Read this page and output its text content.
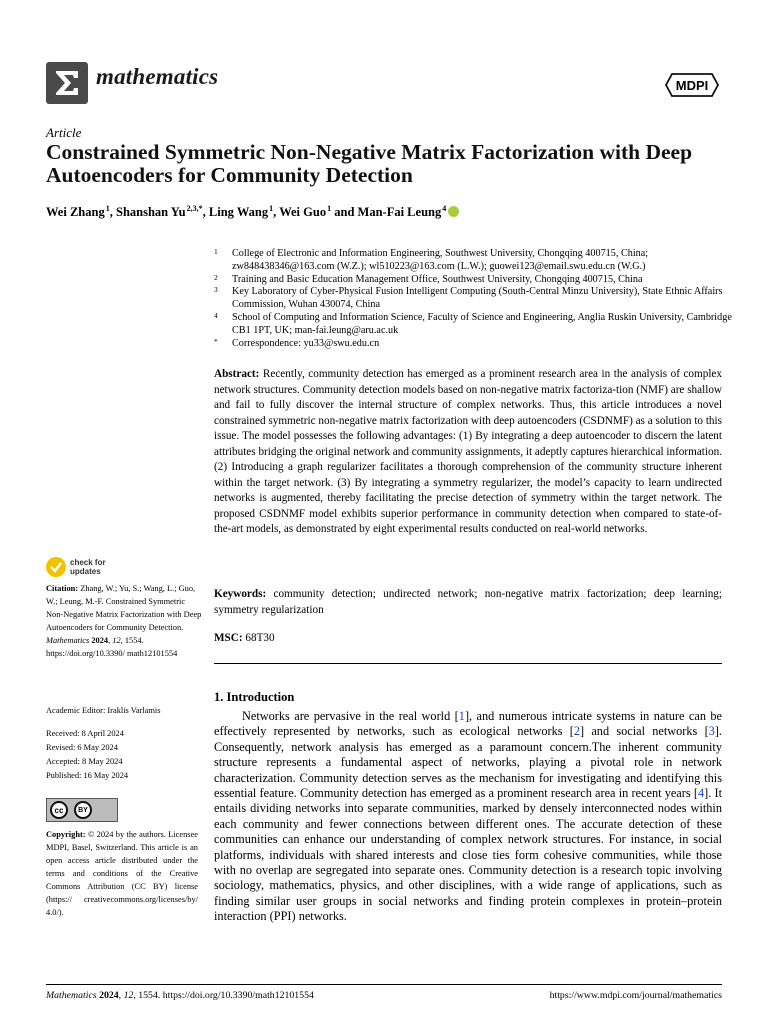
mathematics	MDPI
Article
Constrained Symmetric Non-Negative Matrix Factorization with Deep Autoencoders for Community Detection
Wei Zhang $^1$, Shanshan Yu $^{2,3,*}$, Ling Wang $^1$, Wei Guo $^1$ and Man-Fai Leung $^4$
1 College of Electronic and Information Engineering, Southwest University, Chongqing 400715, China; zw848438346@163.com (W.Z.); wl510223@163.com (L.W.); guowei123@email.swu.edu.cn (W.G.)
2 Training and Basic Education Management Office, Southwest University, Chongqing 400715, China
3 Key Laboratory of Cyber-Physical Fusion Intelligent Computing (South-Central Minzu University), State Ethnic Affairs Commission, Wuhan 430074, China
4 School of Computing and Information Science, Faculty of Science and Engineering, Anglia Ruskin University, Cambridge CB1 1PT, UK; man-fai.leung@aru.ac.uk
* Correspondence: yu33@swu.edu.cn
Abstract: Recently, community detection has emerged as a prominent research area in the analysis of complex network structures. Community detection models based on non-negative matrix factoriza-tion (NMF) are shallow and fail to fully discover the internal structure of complex networks. Thus, this article introduces a novel constrained symmetric non-negative matrix factorization with deep autoencoders (CSDNMF) as a solution to this issue. The model possesses the following advantages: (1) By integrating a deep autoencoder to discern the latent attributes bridging the original network and community assignments, it adeptly captures hierarchical information. (2) Introducing a graph regularizer facilitates a thorough comprehension of the community structure inherent within the target network. (3) By integrating a symmetry regularizer, the model’s capacity to learn undirected networks is augmented, thereby facilitating the precise detection of symmetry within the target network. The proposed CSDNMF model exhibits superior performance in community detection when compared to state-of-the-art models, as demonstrated by eight experimental results conducted on real-world networks.
Keywords: community detection; undirected network; non-negative matrix factorization; deep learning; symmetry regularization
MSC: 68T30
1. Introduction
Networks are pervasive in the real world [1], and numerous intricate systems in nature can be effectively represented by networks, such as ecological networks [2] and social networks [3]. Consequently, network analysis has emerged as a paramount concern.The inherent community structure represents a fundamental aspect of networks, playing a pivotal role in network characterization. Community detection serves as the mechanism for investigating and identifying this essential feature. Community detection has emerged as a prominent research area in recent years [4]. It entails dividing networks into separate communities, marked by densely interconnected nodes within each community and fewer connections between different ones. The accurate detection of these communities can enhance our understanding of complex network structures. For instance, in social platforms, individuals with shared interests and close ties form cohesive communities, while those with no overlap are segregated into separate ones. Community detection is a research topic involving sociology, mathematics, physics, and other disciplines, with a wide range of applications, such as finding similar user groups in social networks and finding protein complexes in protein–protein interaction (PPI) networks.
check for
updates
Citation: Zhang, W.; Yu, S.; Wang, L.; Guo, W.; Leung, M.-F. Constrained Symmetric Non-Negative Matrix Factorization with Deep Autoencoders for Community Detection. Mathematics 2024, 12, 1554. https://doi.org/10.3390/ math12101554
Academic Editor: Iraklis Varlamis
Received: 8 April 2024
Revised: 6 May 2024
Accepted: 8 May 2024
Published: 16 May 2024
cc	BY
Copyright: © 2024 by the authors. Licensee MDPI, Basel, Switzerland. This article is an open access article distributed under the terms and conditions of the Creative Commons Attribution (CC BY) license (https:// creativecommons.org/licenses/by/ 4.0/).
Mathematics 2024, 12, 1554. https://doi.org/10.3390/math12101554	https://www.mdpi.com/journal/mathematics
